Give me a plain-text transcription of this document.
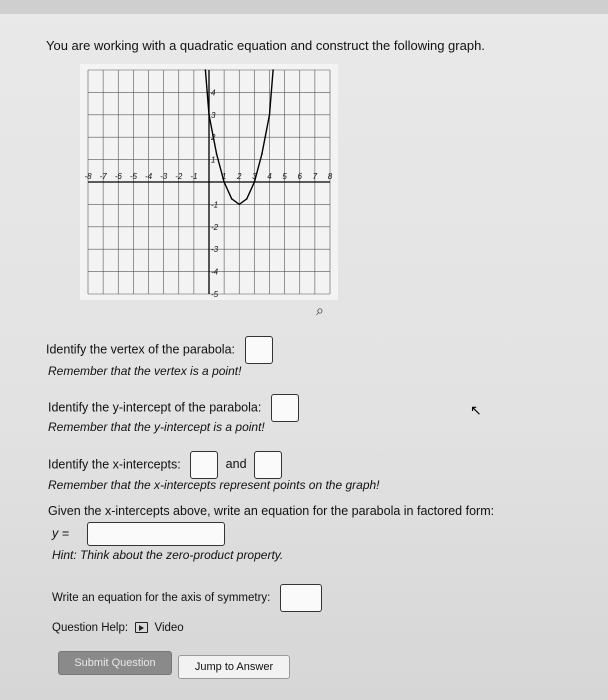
You are working with a quadratic equation and construct the following graph.
-8 -7 -6 -5 -4 -3 -2 -1	1 2 3 4 5 6 7 8
4
3
2
1
-1
-2
-3
-4
-5
⌕
Identify the vertex of the parabola:
Remember that the vertex is a point!
Identify the y-intercept of the parabola:
Remember that the y-intercept is a point!
↖
Identify the x-intercepts:	and
Remember that the x-intercepts represent points on the graph!
Given the x-intercepts above, write an equation for the parabola in factored form:
y =
Hint: Think about the zero-product property.
Write an equation for the axis of symmetry:
Question Help: Video
Submit Question	Jump to Answer
